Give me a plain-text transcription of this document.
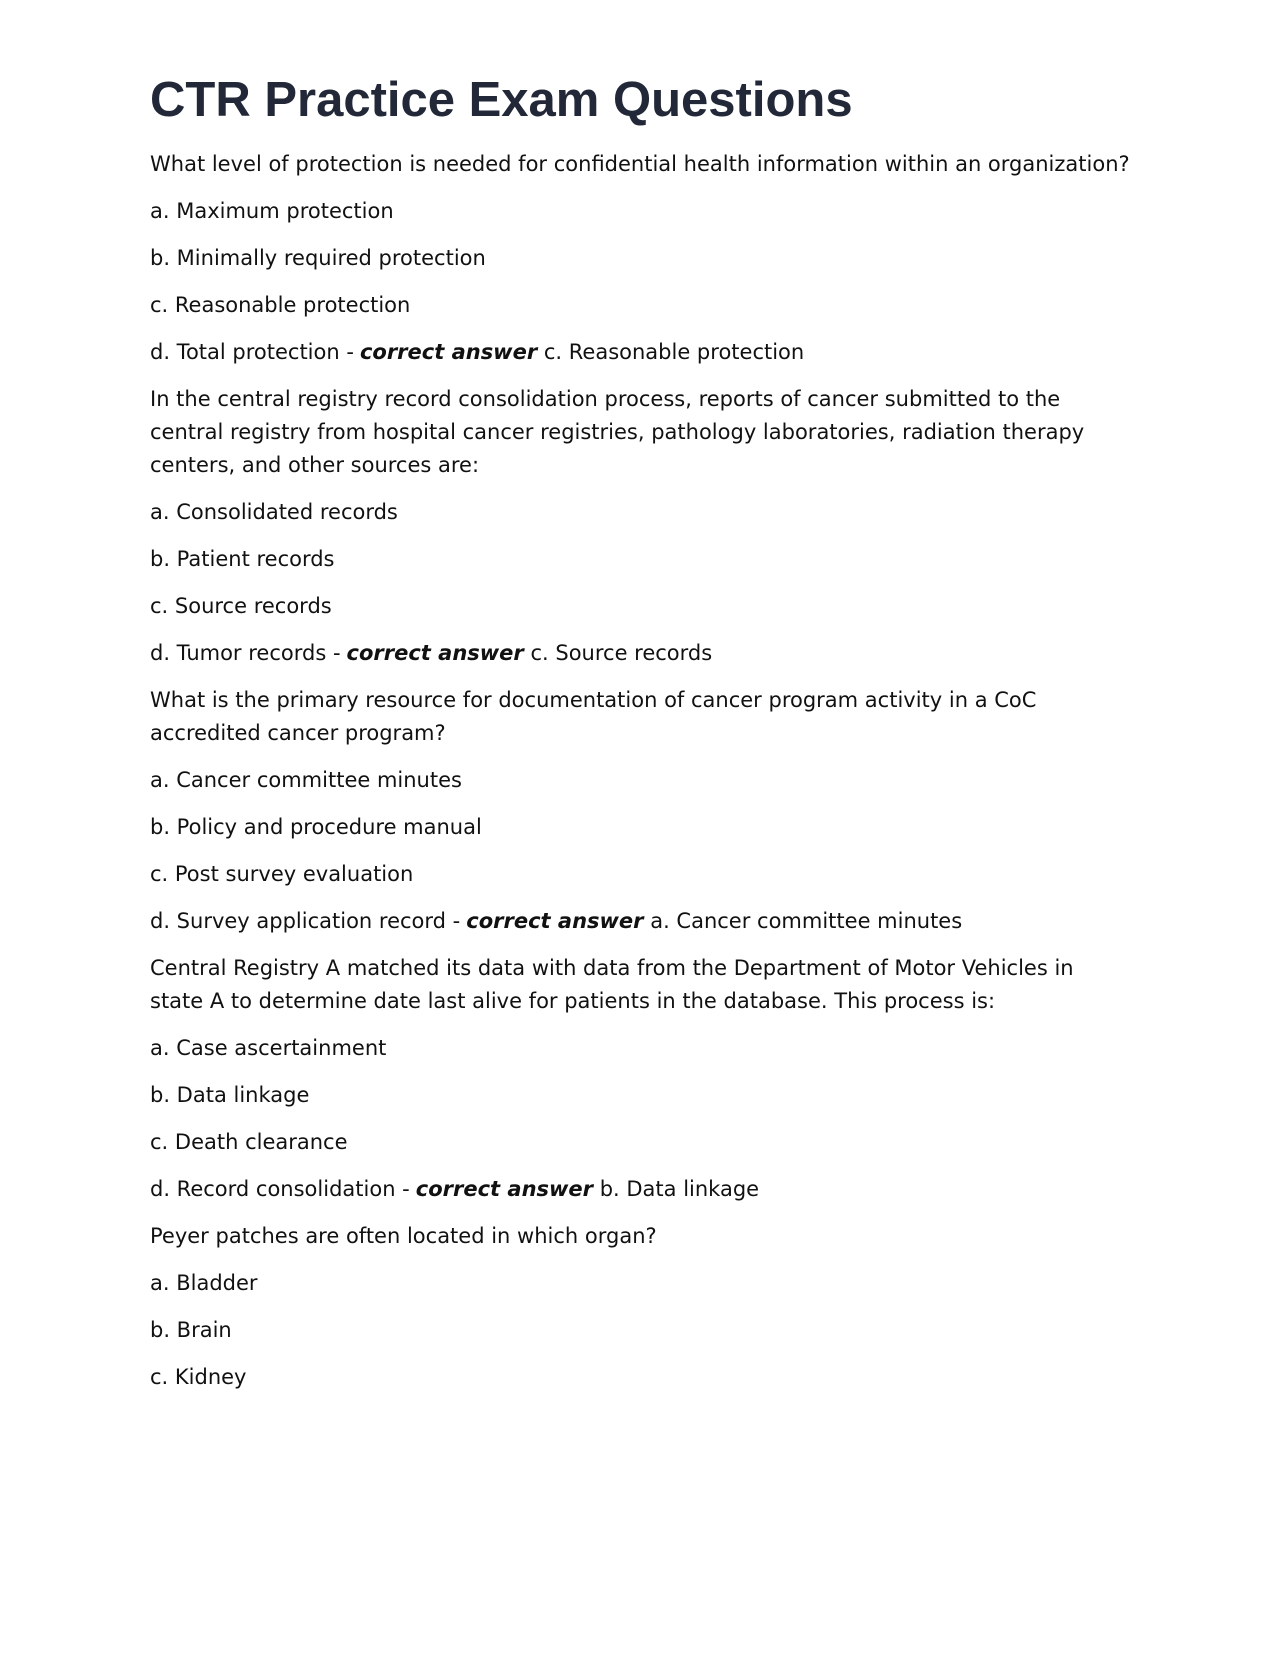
CTR Practice Exam Questions

What level of protection is needed for confidential health information within an organization?

a. Maximum protection

b. Minimally required protection

c. Reasonable protection

d. Total protection - correct answer c. Reasonable protection

In the central registry record consolidation process, reports of cancer submitted to the central registry from hospital cancer registries, pathology laboratories, radiation therapy centers, and other sources are:

a. Consolidated records

b. Patient records

c. Source records

d. Tumor records - correct answer c. Source records

What is the primary resource for documentation of cancer program activity in a CoC accredited cancer program?

a. Cancer committee minutes

b. Policy and procedure manual

c. Post survey evaluation

d. Survey application record - correct answer a. Cancer committee minutes

Central Registry A matched its data with data from the Department of Motor Vehicles in state A to determine date last alive for patients in the database. This process is:

a. Case ascertainment

b. Data linkage

c. Death clearance

d. Record consolidation - correct answer b. Data linkage

Peyer patches are often located in which organ?

a. Bladder

b. Brain

c. Kidney
